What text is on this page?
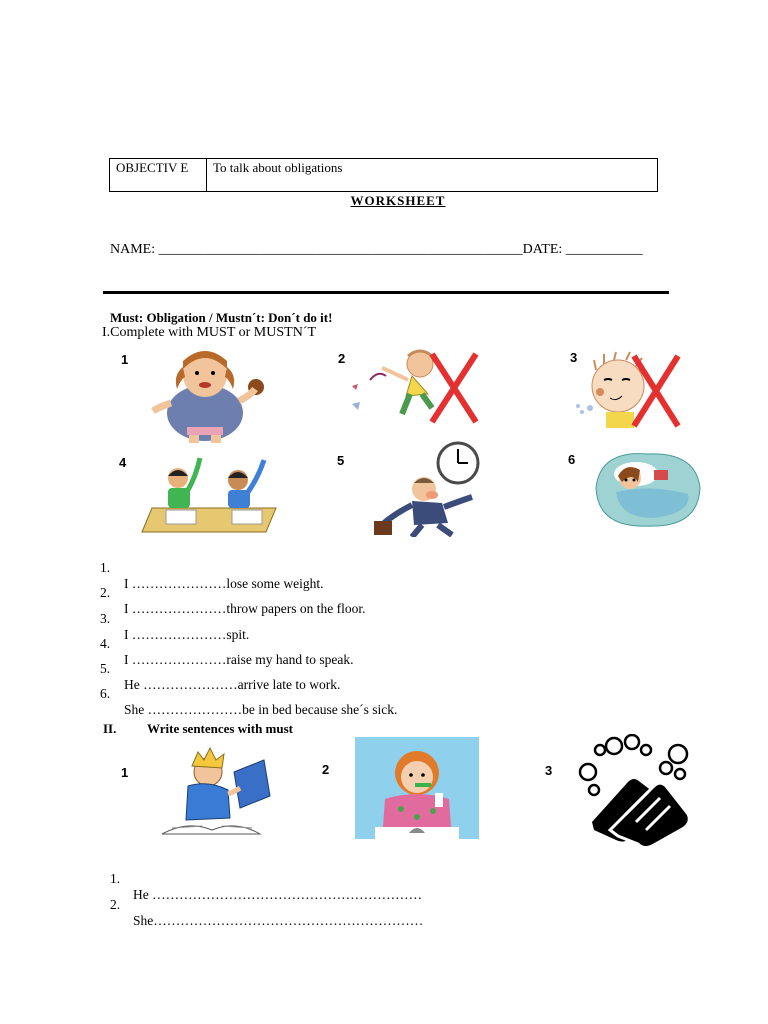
OBJECTIV E	To talk about obligations
WORKSHEET
NAME: ____________________________________________________DATE: ___________
Must: Obligation / Mustn´t: Don´t do it!
I.Complete with MUST or MUSTN´T
1	2	3
4	5	6

1.

I …………………lose some weight.

2.

I …………………throw papers on the floor.

3.

I …………………spit.

4.

I …………………raise my hand to speak.

5.

He …………………arrive late to work.

6.

She …………………be in bed because she´s sick.

II. Write sentences with must
1	2	3

1.

He ……………………………………………………

2.

She……………………………………………………
